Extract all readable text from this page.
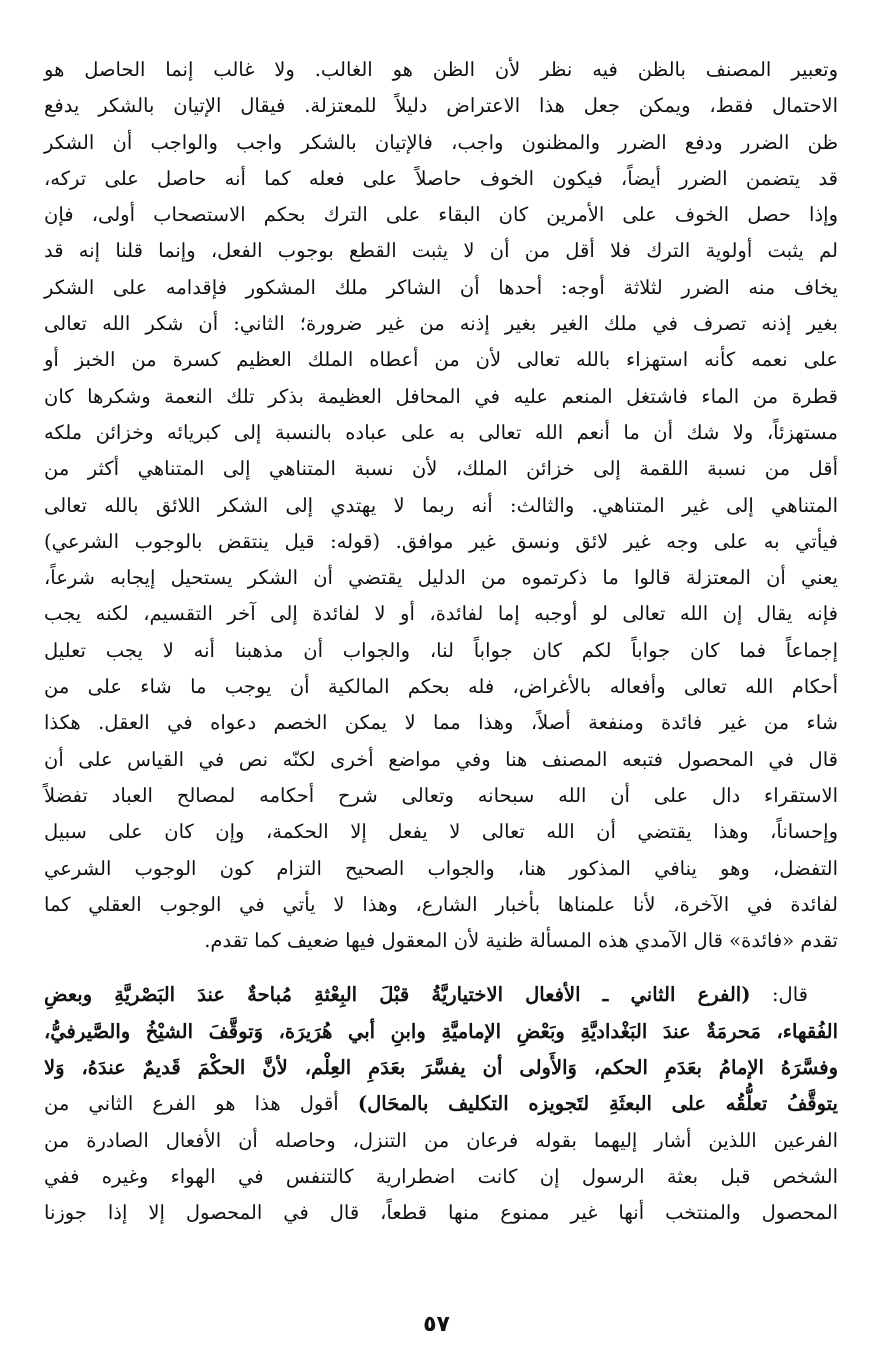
وتعبير المصنف بالظن فيه نظر لأن الظن هو الغالب. ولا غالب إنما الحاصل هو

الاحتمال فقط، ويمكن جعل هذا الاعتراض دليلاً للمعتزلة. فيقال الإتيان بالشكر يدفع

ظن الضرر ودفع الضرر والمظنون واجب، فالإتيان بالشكر واجب والواجب أن الشكر

قد يتضمن الضرر أيضاً، فيكون الخوف حاصلاً على فعله كما أنه حاصل على تركه،

وإذا حصل الخوف على الأمرين كان البقاء على الترك بحكم الاستصحاب أولى، فإن

لم يثبت أولوية الترك فلا أقل من أن لا يثبت القطع بوجوب الفعل، وإنما قلنا إنه قد

يخاف منه الضرر لثلاثة أوجه: أحدها أن الشاكر ملك المشكور فإقدامه على الشكر

بغير إذنه تصرف في ملك الغير بغير إذنه من غير ضرورة؛ الثاني: أن شكر الله تعالى

على نعمه كأنه استهزاء بالله تعالى لأن من أعطاه الملك العظيم كسرة من الخبز أو

قطرة من الماء فاشتغل المنعم عليه في المحافل العظيمة بذكر تلك النعمة وشكرها كان

مستهزئاً، ولا شك أن ما أنعم الله تعالى به على عباده بالنسبة إلى كبريائه وخزائن ملكه

أقل من نسبة اللقمة إلى خزائن الملك، لأن نسبة المتناهي إلى المتناهي أكثر من

المتناهي إلى غير المتناهي. والثالث: أنه ربما لا يهتدي إلى الشكر اللائق بالله تعالى

فيأتي به على وجه غير لائق ونسق غير موافق. (قوله: قيل ينتقض بالوجوب الشرعي)

يعني أن المعتزلة قالوا ما ذكرتموه من الدليل يقتضي أن الشكر يستحيل إيجابه شرعاً،

فإنه يقال إن الله تعالى لو أوجبه إما لفائدة، أو لا لفائدة إلى آخر التقسيم، لكنه يجب

إجماعاً فما كان جواباً لكم كان جواباً لنا، والجواب أن مذهبنا أنه لا يجب تعليل

أحكام الله تعالى وأفعاله بالأغراض، فله بحكم المالكية أن يوجب ما شاء على من

شاء من غير فائدة ومنفعة أصلاً، وهذا مما لا يمكن الخصم دعواه في العقل. هكذا

قال في المحصول فتبعه المصنف هنا وفي مواضع أخرى لكنّه نص في القياس على أن

الاستقراء دال على أن الله سبحانه وتعالى شرح أحكامه لمصالح العباد تفضلاً

وإحساناً، وهذا يقتضي أن الله تعالى لا يفعل إلا الحكمة، وإن كان على سبيل

التفضل، وهو ينافي المذكور هنا، والجواب الصحيح التزام كون الوجوب الشرعي

لفائدة في الآخرة، لأنا علمناها بأخبار الشارع، وهذا لا يأتي في الوجوب العقلي كما

تقدم «فائدة» قال الآمدي هذه المسألة ظنية لأن المعقول فيها ضعيف كما تقدم.

قال: (الفرع الثاني ـ الأفعال الاختياريَّةُ قبْلَ البِعْثةِ مُباحةٌ عندَ البَصْريَّةِ وبعضِ

الفُقهاء، مَحرمَةٌ عندَ البَغْداديَّةِ وبَعْضِ الإماميَّةِ وابنِ أبي هُرَيرَة، وَتوقَّفَ الشيْخُ والصَّيرفيُّ،

وفسَّرَهُ الإمامُ بعَدَمِ الحكم، وَالأَولى أن يفسَّرَ بعَدَمِ العِلْم، لأنَّ الحكْمَ قَديمٌ عندَهُ، وَلا

يتوقَّفُ تعلُّقُه على البعثَةِ لتَجويزه التكليف بالمحَال) أقول هذا هو الفرع الثاني من

الفرعين اللذين أشار إليهما بقوله فرعان من التنزل، وحاصله أن الأفعال الصادرة من

الشخص قبل بعثة الرسول إن كانت اضطرارية كالتنفس في الهواء وغيره ففي

المحصول والمنتخب أنها غير ممنوع منها قطعاً، قال في المحصول إلا إذا جوزنا

٥٧
